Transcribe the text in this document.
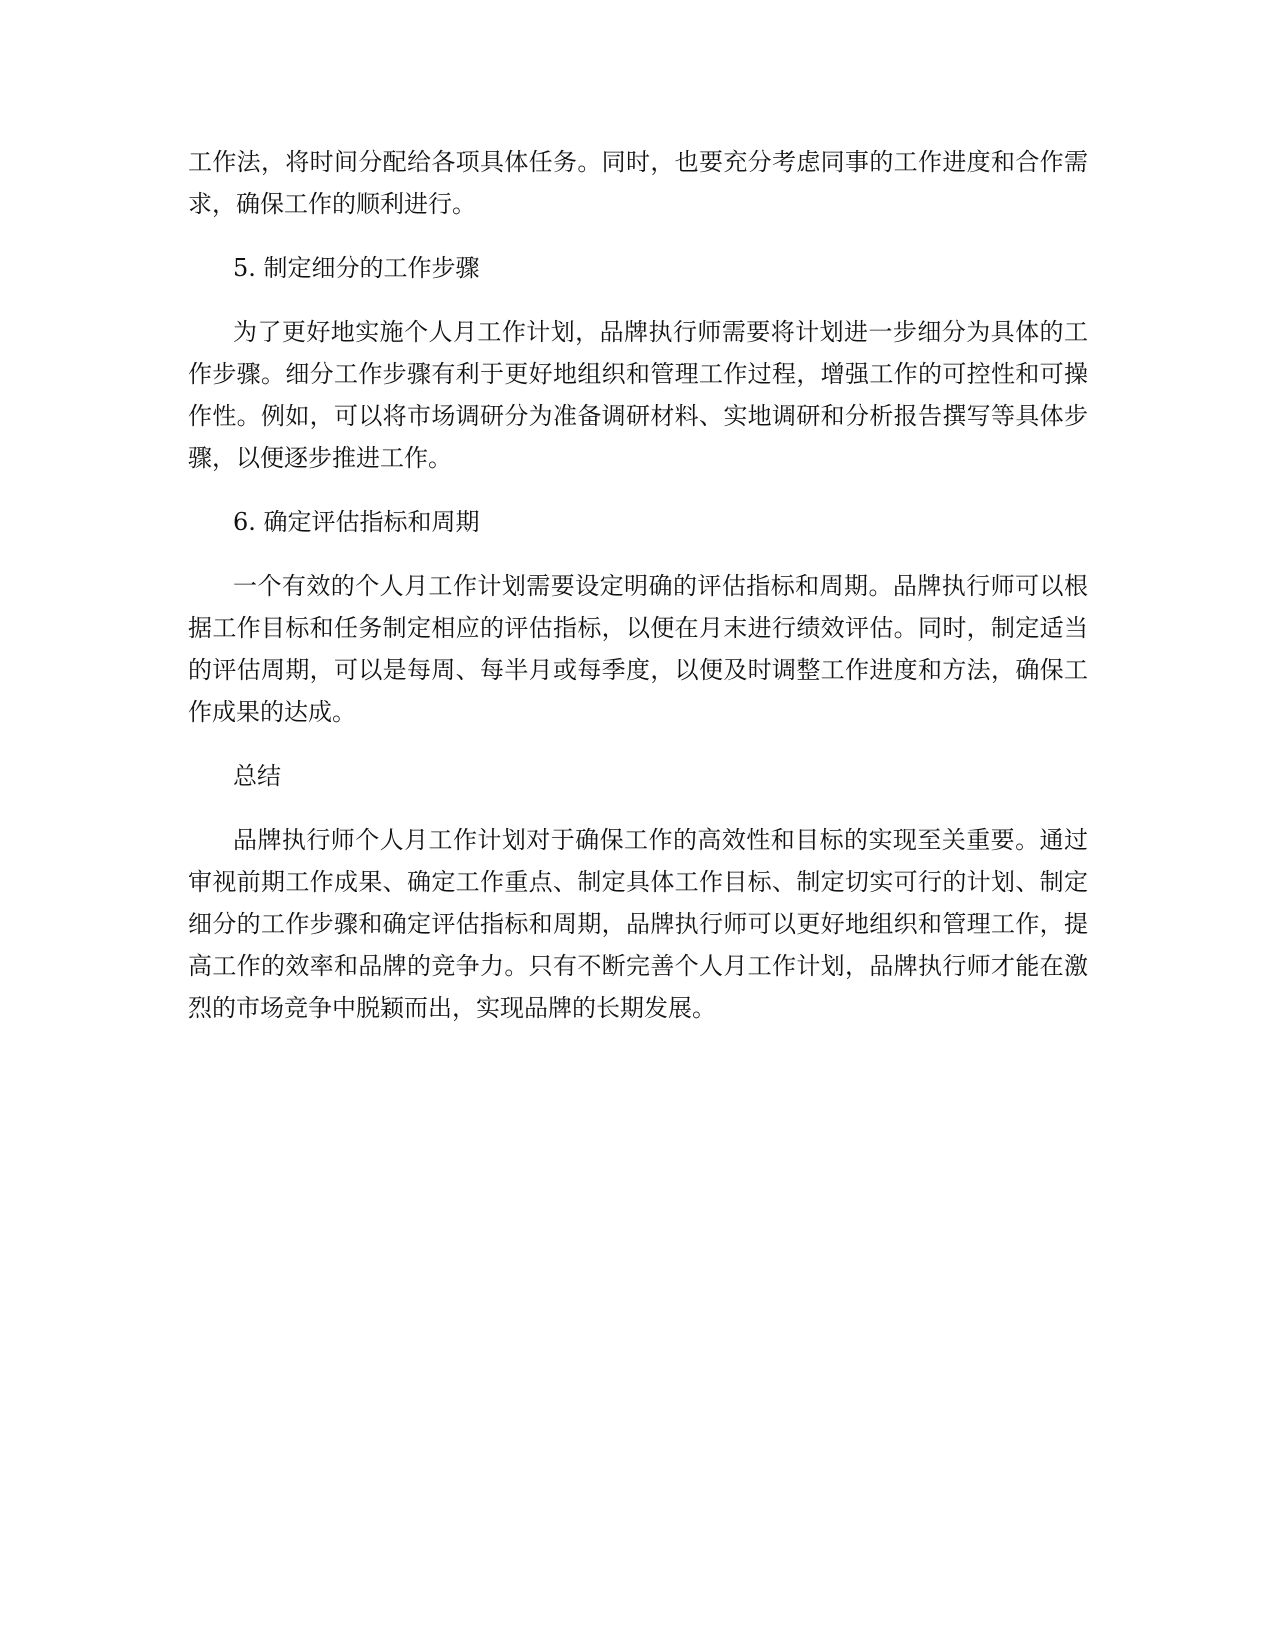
工作法，将时间分配给各项具体任务。同时，也要充分考虑同事的工作进度和合作需求，确保工作的顺利进行。

5. 制定细分的工作步骤

为了更好地实施个人月工作计划，品牌执行师需要将计划进一步细分为具体的工作步骤。细分工作步骤有利于更好地组织和管理工作过程，增强工作的可控性和可操作性。例如，可以将市场调研分为准备调研材料、实地调研和分析报告撰写等具体步骤，以便逐步推进工作。

6. 确定评估指标和周期

一个有效的个人月工作计划需要设定明确的评估指标和周期。品牌执行师可以根据工作目标和任务制定相应的评估指标，以便在月末进行绩效评估。同时，制定适当的评估周期，可以是每周、每半月或每季度，以便及时调整工作进度和方法，确保工作成果的达成。

总结

品牌执行师个人月工作计划对于确保工作的高效性和目标的实现至关重要。通过审视前期工作成果、确定工作重点、制定具体工作目标、制定切实可行的计划、制定细分的工作步骤和确定评估指标和周期，品牌执行师可以更好地组织和管理工作，提高工作的效率和品牌的竞争力。只有不断完善个人月工作计划，品牌执行师才能在激烈的市场竞争中脱颖而出，实现品牌的长期发展。
